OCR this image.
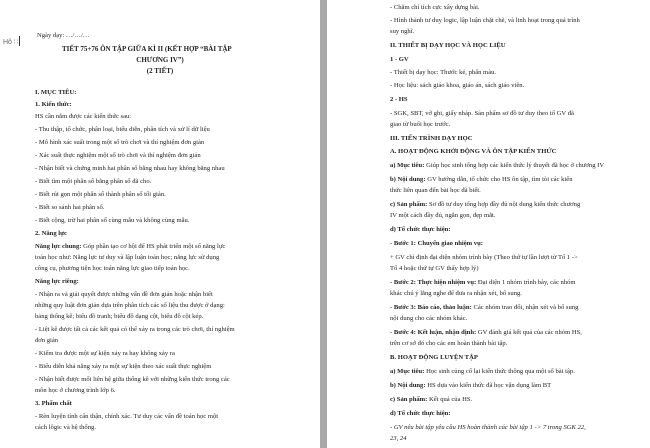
Hô ∷
Ngày dạy: …/…/…
TIẾT 75+76 ÔN TẬP GIỮA KÌ II (KẾT HỢP “BÀI TẬP
CHƯƠNG IV”)
(2 TIẾT)
I. MỤC TIÊU:
1. Kiến thức:
HS cần nắm được các kiến thức sau:
- Thu thập, tổ chức, phân loại, biểu diễn, phân tích và xử lí dữ liệu
- Mô hình xác suất trong một số trò chơi và thí nghiệm đơn giản
- Xác suất thực nghiệm một số trò chơi và thí nghiệm đơn giản
- Nhận biết và chứng minh hai phân số bằng nhau hay không bằng nhau
- Biết tìm một phân số bằng phân số đã cho.
- Biết rút gọn một phân số thành phân số tối giản.
- Biết so sánh hai phân số.
- Biết cộng, trừ hai phân số cùng mẫu và không cùng mẫu.
2. Năng lực
Năng lực chung: Góp phần tạo cơ hội để HS phát triển một số năng lực
toán học như: Năng lực tư duy và lập luận toán học; năng lực sử dụng
công cụ, phương tiện học toán năng lực giao tiếp toán học.
Năng lực riêng:
- Nhận ra và giải quyết được những vấn đề đơn giản hoặc nhận biết
những quy luật đơn giản dựa trên phân tích các số liệu thu được ở dạng:
bảng thống kê; biểu đồ tranh; biểu đồ dạng cột, biểu đồ cột kép.
- Liệt kê được tất cả các kết quả có thể xảy ra trong các trò chơi, thí nghiệm
đơn giản
- Kiểm tra được một sự kiện xảy ra hay không xảy ra
- Biểu diễn khả năng xảy ra một sự kiện theo xác suất thực nghiệm
- Nhận biết được mối liên hệ giữa thống kê với những kiến thức trong các
môn học ở chương trình lớp 6.
3. Phẩm chất
- Rèn luyện tính cẩn thận, chính xác. Tư duy các vấn đề toán học một
cách lôgic và hệ thống.
- Chăm chỉ tích cực xây dựng bài.
- Hình thành tư duy logic, lập luận chặt chẽ, và linh hoạt trong quá trình
suy nghĩ.
II. THIẾT BỊ DẠY HỌC VÀ HỌC LIỆU
1 - GV
- Thiết bị dạy học: Thước kẻ, phấn màu.
- Học liệu: sách giáo khoa, giáo án, sách giáo viên.
2 - HS
- SGK, SBT, vở ghi, giấy nháp. Sản phẩm sơ đồ tư duy theo tổ GV đã
giao từ buổi học trước.
III. TIẾN TRÌNH DẠY HỌC
A. HOẠT ĐỘNG KHỞI ĐỘNG VÀ ÔN TẬP KIẾN THỨC
a) Mục tiêu: Giúp học sinh tổng hợp các kiến thức lý thuyết đã học ở chương IV
b) Nội dung: GV hướng dẫn, tổ chức cho HS ôn tập, tìm tòi các kiến
thức liên quan đến bài học đã biết.
c) Sản phẩm: Sơ đồ tư duy tổng hợp đầy đủ nội dung kiến thức chương
IV một cách đầy đủ, ngắn gọn, đẹp mắt.
d) Tổ chức thực hiện:
- Bước 1: Chuyển giao nhiệm vụ:
+ GV chỉ định đại diện nhóm trình bày (Theo thứ tự lần lượt từ Tổ 1 ->
Tổ 4 hoặc thứ tự GV thấy hợp lý)
- Bước 2: Thực hiện nhiệm vụ: Đại diện 1 nhóm trình bày, các nhóm
khác chú ý lắng nghe để đưa ra nhận xét, bổ sung.
- Bước 3: Báo cáo, thảo luận: Các nhóm trao đổi, nhận xét và bổ sung
nội dung cho các nhóm khác.
- Bước 4: Kết luận, nhận định: GV đánh giá kết quả của các nhóm HS,
trên cơ sở đó cho các em hoàn thành bài tập.
B. HOẠT ĐỘNG LUYỆN TẬP
a) Mục tiêu: Học sinh củng cố lại kiến thức thông qua một số bài tập.
b) Nội dung: HS dựa vào kiến thức đã học vận dụng làm BT
c) Sản phẩm: Kết quả của HS.
d) Tổ chức thực hiện:
- GV nêu bài tập yêu cầu HS hoàn thành các bài tập 1 -> 7 trong SGK 22,
23, 24
